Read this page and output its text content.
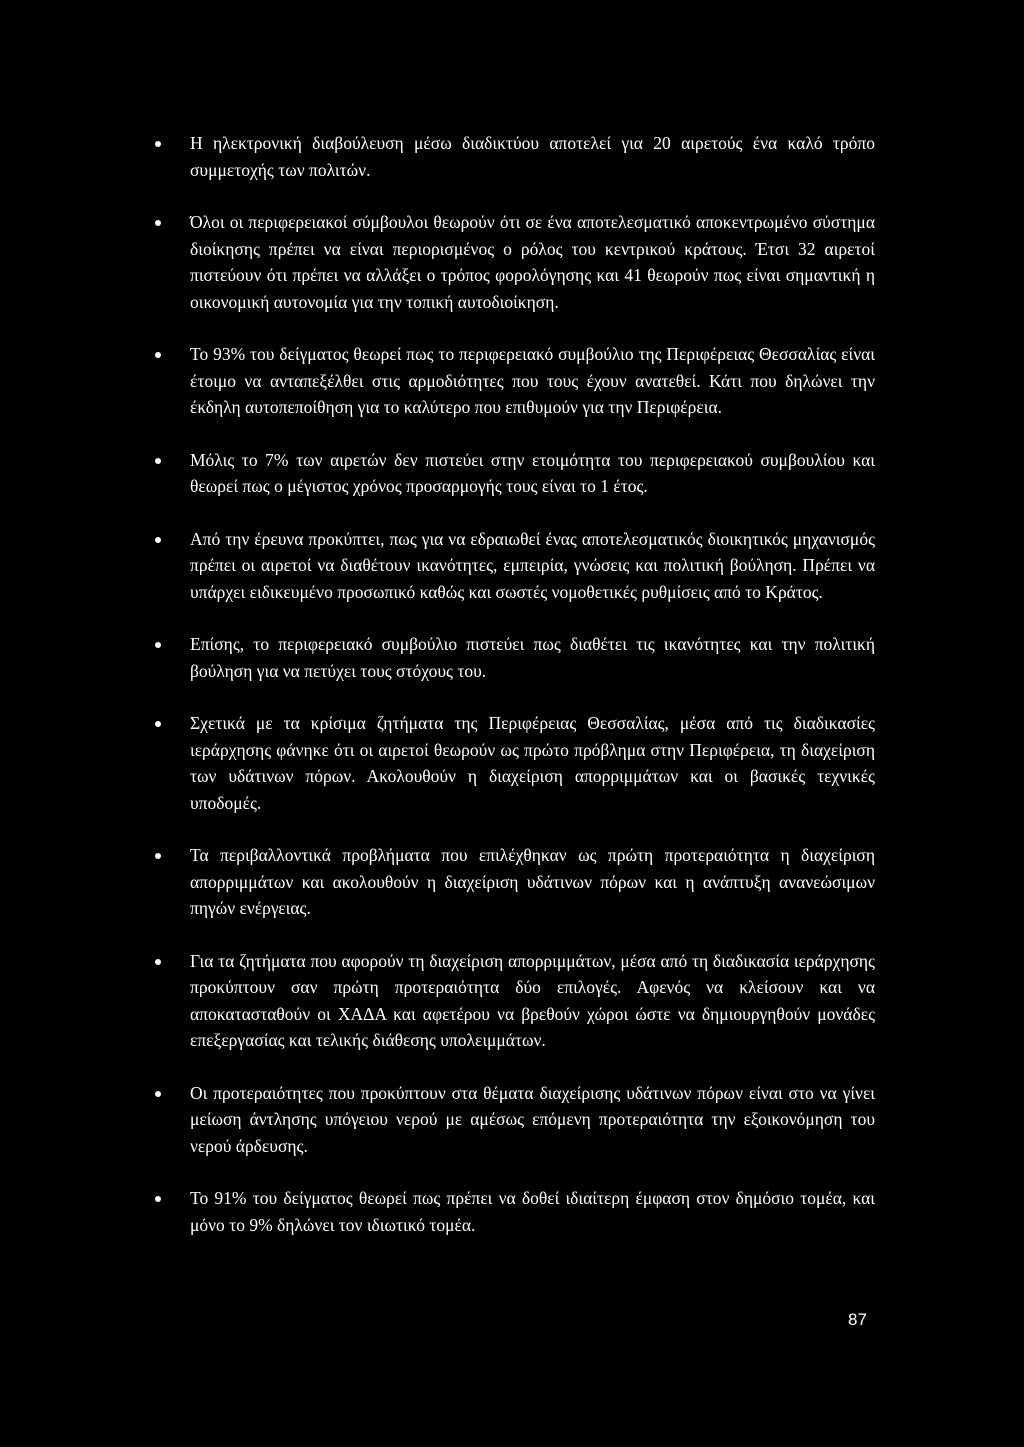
Η ηλεκτρονική διαβούλευση μέσω διαδικτύου αποτελεί για 20 αιρετούς ένα καλό τρόπο συμμετοχής των πολιτών.
Όλοι οι περιφερειακοί σύμβουλοι θεωρούν ότι σε ένα αποτελεσματικό αποκεντρωμένο σύστημα διοίκησης πρέπει να είναι περιορισμένος ο ρόλος του κεντρικού κράτους. Έτσι 32 αιρετοί πιστεύουν ότι πρέπει να αλλάξει ο τρόπος φορολόγησης και 41 θεωρούν πως είναι σημαντική η οικονομική αυτονομία για την τοπική αυτοδιοίκηση.
Το 93% του δείγματος θεωρεί πως το περιφερειακό συμβούλιο της Περιφέρειας Θεσσαλίας είναι έτοιμο να ανταπεξέλθει στις αρμοδιότητες που τους έχουν ανατεθεί. Κάτι που δηλώνει την έκδηλη αυτοπεποίθηση για το καλύτερο που επιθυμούν για την Περιφέρεια.
Μόλις το 7% των αιρετών δεν πιστεύει στην ετοιμότητα του περιφερειακού συμβουλίου και θεωρεί πως ο μέγιστος χρόνος προσαρμογής τους είναι το 1 έτος.
Από την έρευνα προκύπτει, πως για να εδραιωθεί ένας αποτελεσματικός διοικητικός μηχανισμός πρέπει οι αιρετοί να διαθέτουν ικανότητες, εμπειρία, γνώσεις και πολιτική βούληση. Πρέπει να υπάρχει ειδικευμένο προσωπικό καθώς και σωστές νομοθετικές ρυθμίσεις από το Κράτος.
Επίσης, το περιφερειακό συμβούλιο πιστεύει πως διαθέτει τις ικανότητες και την πολιτική βούληση για να πετύχει τους στόχους του.
Σχετικά με τα κρίσιμα ζητήματα της Περιφέρειας Θεσσαλίας, μέσα από τις διαδικασίες ιεράρχησης φάνηκε ότι οι αιρετοί θεωρούν ως πρώτο πρόβλημα στην Περιφέρεια, τη διαχείριση των υδάτινων πόρων. Ακολουθούν η διαχείριση απορριμμάτων και οι βασικές τεχνικές υποδομές.
Τα περιβαλλοντικά προβλήματα που επιλέχθηκαν ως πρώτη προτεραιότητα η διαχείριση απορριμμάτων και ακολουθούν η διαχείριση υδάτινων πόρων και η ανάπτυξη ανανεώσιμων πηγών ενέργειας.
Για τα ζητήματα που αφορούν τη διαχείριση απορριμμάτων, μέσα από τη διαδικασία ιεράρχησης προκύπτουν σαν πρώτη προτεραιότητα δύο επιλογές. Αφενός να κλείσουν και να αποκατασταθούν οι ΧΑΔΑ και αφετέρου να βρεθούν χώροι ώστε να δημιουργηθούν μονάδες επεξεργασίας και τελικής διάθεσης υπολειμμάτων.
Οι προτεραιότητες που προκύπτουν στα θέματα διαχείρισης υδάτινων πόρων είναι στο να γίνει μείωση άντλησης υπόγειου νερού με αμέσως επόμενη προτεραιότητα την εξοικονόμηση του νερού άρδευσης.
Το 91% του δείγματος θεωρεί πως πρέπει να δοθεί ιδιαίτερη έμφαση στον δημόσιο τομέα, και μόνο το 9% δηλώνει τον ιδιωτικό τομέα.
87
